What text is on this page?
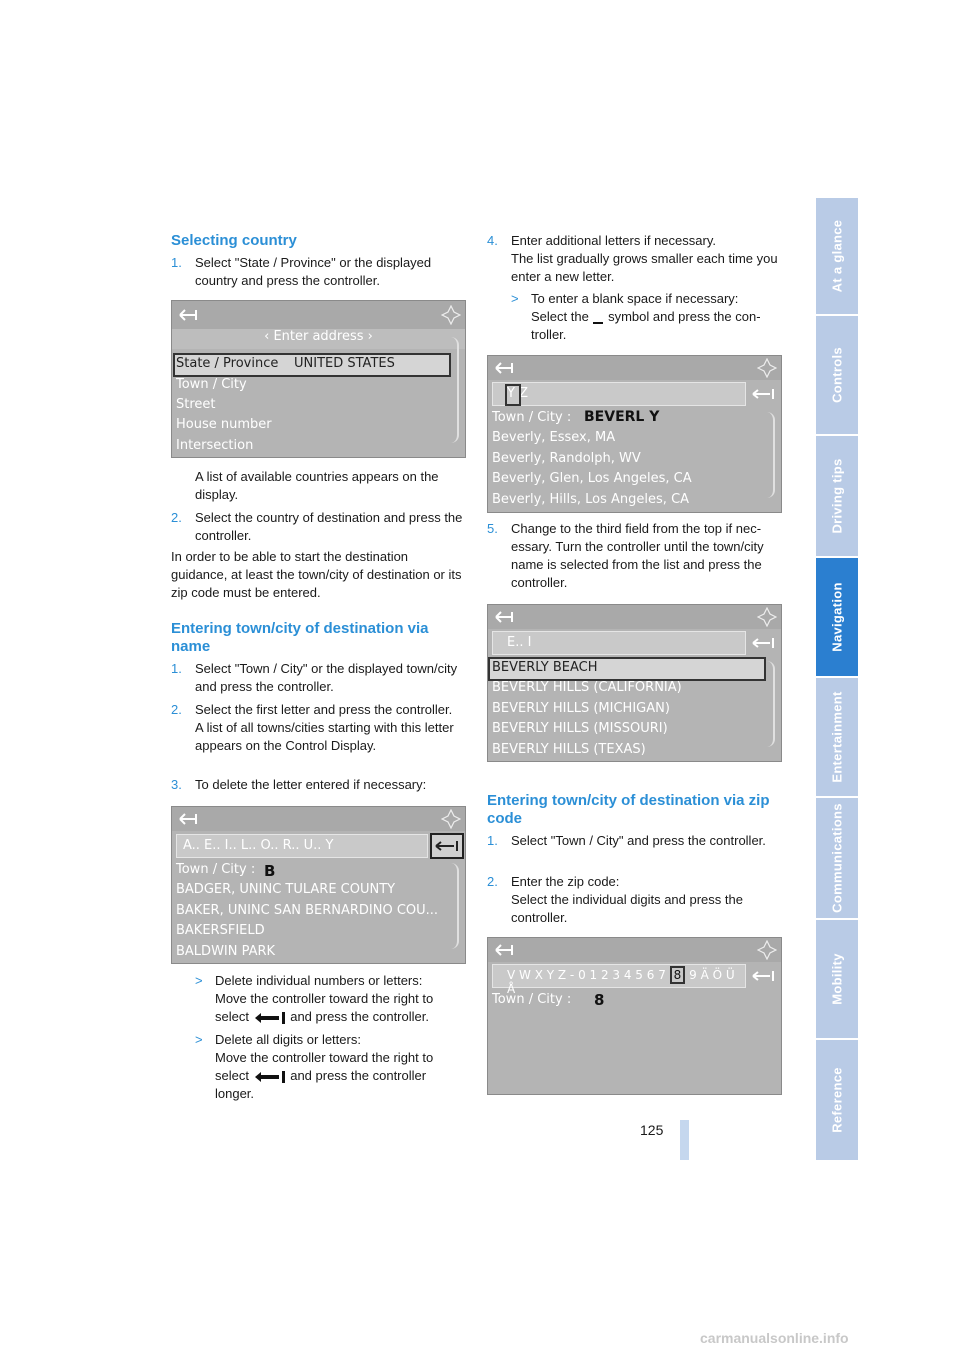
At a glance
Controls
Driving tips
Navigation
Entertainment
Communications
Mobility
Reference
Selecting country
1.	Select "State / Province" or the displayed country and press the controller.
‹ Enter address ›
State / Province UNITED STATES
Town / City
Street
House number
Intersection
A list of available countries appears on the display.
2.	Select the country of destination and press the controller.
In order to be able to start the destination guidance, at least the town/city of destination or its zip code must be entered.
Entering town/city of destination via name
1.	Select "Town / City" or the displayed town/city and press the controller.
2.	Select the first letter and press the controller.
A list of all towns/cities starting with this letter appears on the Control Display.
3.	To delete the letter entered if necessary:
A.. E.. I.. L.. O.. R.. U.. Y
Town / City : B
BADGER, UNINC TULARE COUNTY
BAKER, UNINC SAN BERNARDINO COU...
BAKERSFIELD
BALDWIN PARK
> Delete individual numbers or letters:
Move the controller toward the right to
select	and press the controller.
> Delete all digits or letters:
Move the controller toward the right to
select	and press the controller
longer.
4.	Enter additional letters if necessary.
The list gradually grows smaller each time you enter a new letter.
> To enter a blank space if necessary:
Select the symbol and press the controller.
Y Z
Town / City : BEVERL Y
Beverly, Essex, MA
Beverly, Randolph, WV
Beverly, Glen, Los Angeles, CA
Beverly, Hills, Los Angeles, CA
5.	Change to the third field from the top if necessary. Turn the controller until the town/city name is selected from the list and press the controller.
E.. I
BEVERLY BEACH
BEVERLY HILLS (CALIFORNIA)
BEVERLY HILLS (MICHIGAN)
BEVERLY HILLS (MISSOURI)
BEVERLY HILLS (TEXAS)
Entering town/city of destination via zip code
1.	Select "Town / City" and press the controller.
2.	Enter the zip code:
Select the individual digits and press the controller.
V W X Y Z - 0 1 2 3 4 5 6 7 8 9 Ä Ö Ü Å
Town / City : 8
125
carmanualsonline.info
